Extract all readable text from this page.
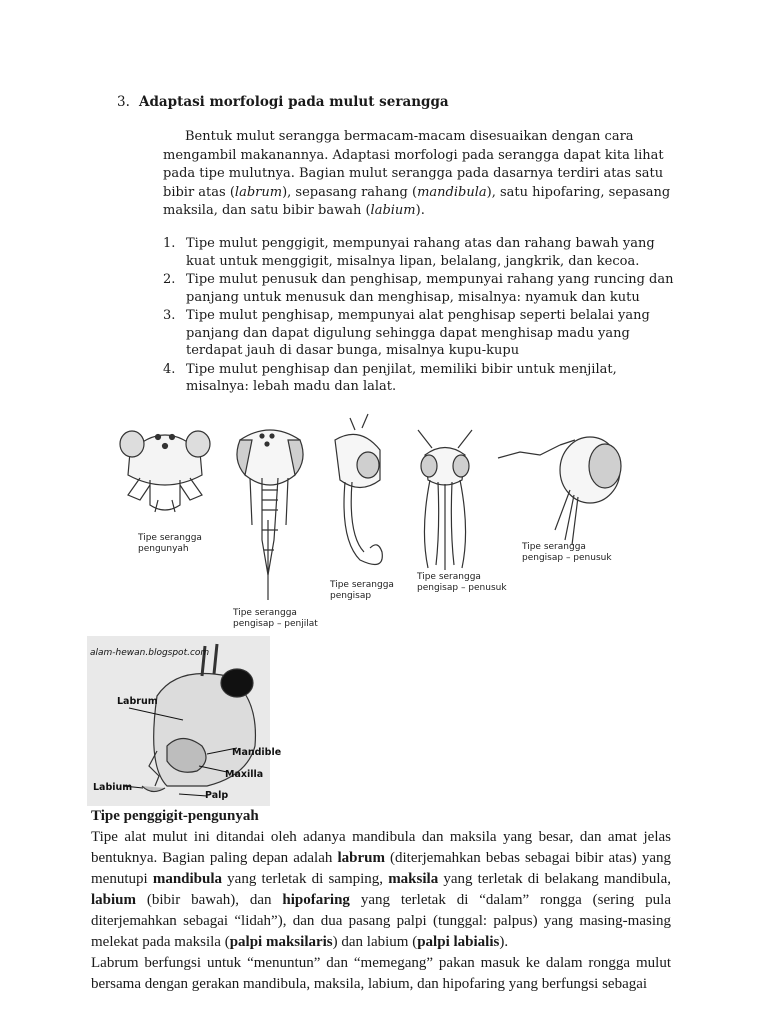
3. Adaptasi morfologi pada mulut serangga

Bentuk mulut serangga bermacam-macam disesuaikan dengan cara mengambil makanannya. Adaptasi morfologi pada serangga dapat kita lihat pada tipe mulutnya. Bagian mulut serangga pada dasarnya terdiri atas satu bibir atas (labrum), sepasang rahang (mandibula), satu hipofaring, sepasang maksila, dan satu bibir bawah (labium).

1. Tipe mulut penggigit, mempunyai rahang atas dan rahang bawah yang kuat untuk menggigit, misalnya lipan, belalang, jangkrik, dan kecoa.
2. Tipe mulut penusuk dan penghisap, mempunyai rahang yang runcing dan panjang untuk menusuk dan menghisap, misalnya: nyamuk dan kutu
3. Tipe mulut penghisap, mempunyai alat penghisap seperti belalai yang panjang dan dapat digulung sehingga dapat menghisap madu yang terdapat jauh di dasar bunga, misalnya kupu-kupu
4. Tipe mulut penghisap dan penjilat, memiliki bibir untuk menjilat, misalnya: lebah madu dan lalat.
Tipe serangga
pengunyah
Tipe serangga
pengisap – penjilat
Tipe serangga
pengisap
Tipe serangga
pengisap – penusuk
Tipe serangga
pengisap – penusuk
alam-hewan.blogspot.com
Labrum
Mandible
Maxilla
Labium
Palp
Tipe penggigit-pengunyah

Tipe alat mulut ini ditandai oleh adanya mandibula dan maksila yang besar, dan amat jelas bentuknya. Bagian paling depan adalah labrum (diterjemahkan bebas sebagai bibir atas) yang menutupi mandibula yang terletak di samping, maksila yang terletak di belakang mandibula, labium (bibir bawah), dan hipofaring yang terletak di “dalam” rongga (sering pula diterjemahkan sebagai “lidah”), dan dua pasang palpi (tunggal: palpus) yang masing-masing melekat pada maksila (palpi maksilaris) dan labium (palpi labialis).

Labrum berfungsi untuk “menuntun” dan “memegang” pakan masuk ke dalam rongga mulut bersama dengan gerakan mandibula, maksila, labium, dan hipofaring yang berfungsi sebagai
